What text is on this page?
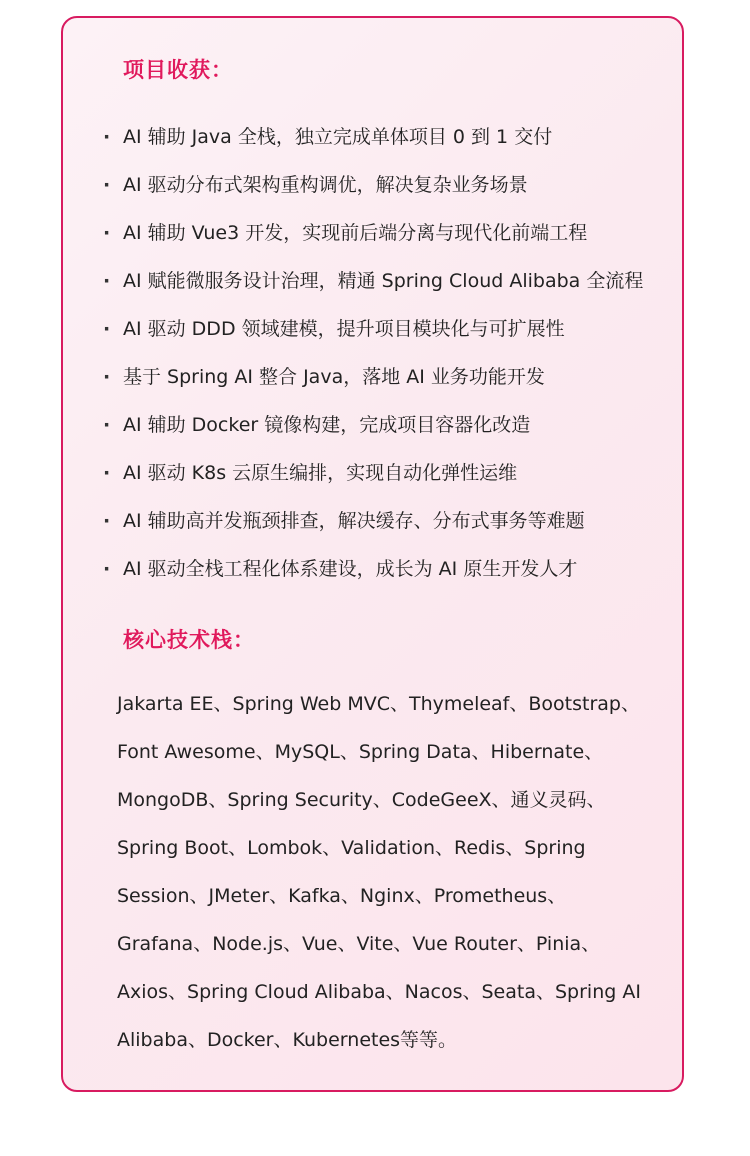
项目收获：
· AI 辅助 Java 全栈，独立完成单体项目 0 到 1 交付
· AI 驱动分布式架构重构调优，解决复杂业务场景
· AI 辅助 Vue3 开发，实现前后端分离与现代化前端工程
· AI 赋能微服务设计治理，精通 Spring Cloud Alibaba 全流程
· AI 驱动 DDD 领域建模，提升项目模块化与可扩展性
· 基于 Spring AI 整合 Java，落地 AI 业务功能开发
· AI 辅助 Docker 镜像构建，完成项目容器化改造
· AI 驱动 K8s 云原生编排，实现自动化弹性运维
· AI 辅助高并发瓶颈排查，解决缓存、分布式事务等难题
· AI 驱动全栈工程化体系建设，成长为 AI 原生开发人才
核心技术栈：

Jakarta EE、Spring Web MVC、Thymeleaf、Bootstrap、Font Awesome、MySQL、Spring Data、Hibernate、MongoDB、Spring Security、CodeGeeX、通义灵码、Spring Boot、Lombok、Validation、Redis、Spring Session、JMeter、Kafka、Nginx、Prometheus、Grafana、Node.js、Vue、Vite、Vue Router、Pinia、Axios、Spring Cloud Alibaba、Nacos、Seata、Spring AI Alibaba、Docker、Kubernetes等等。
